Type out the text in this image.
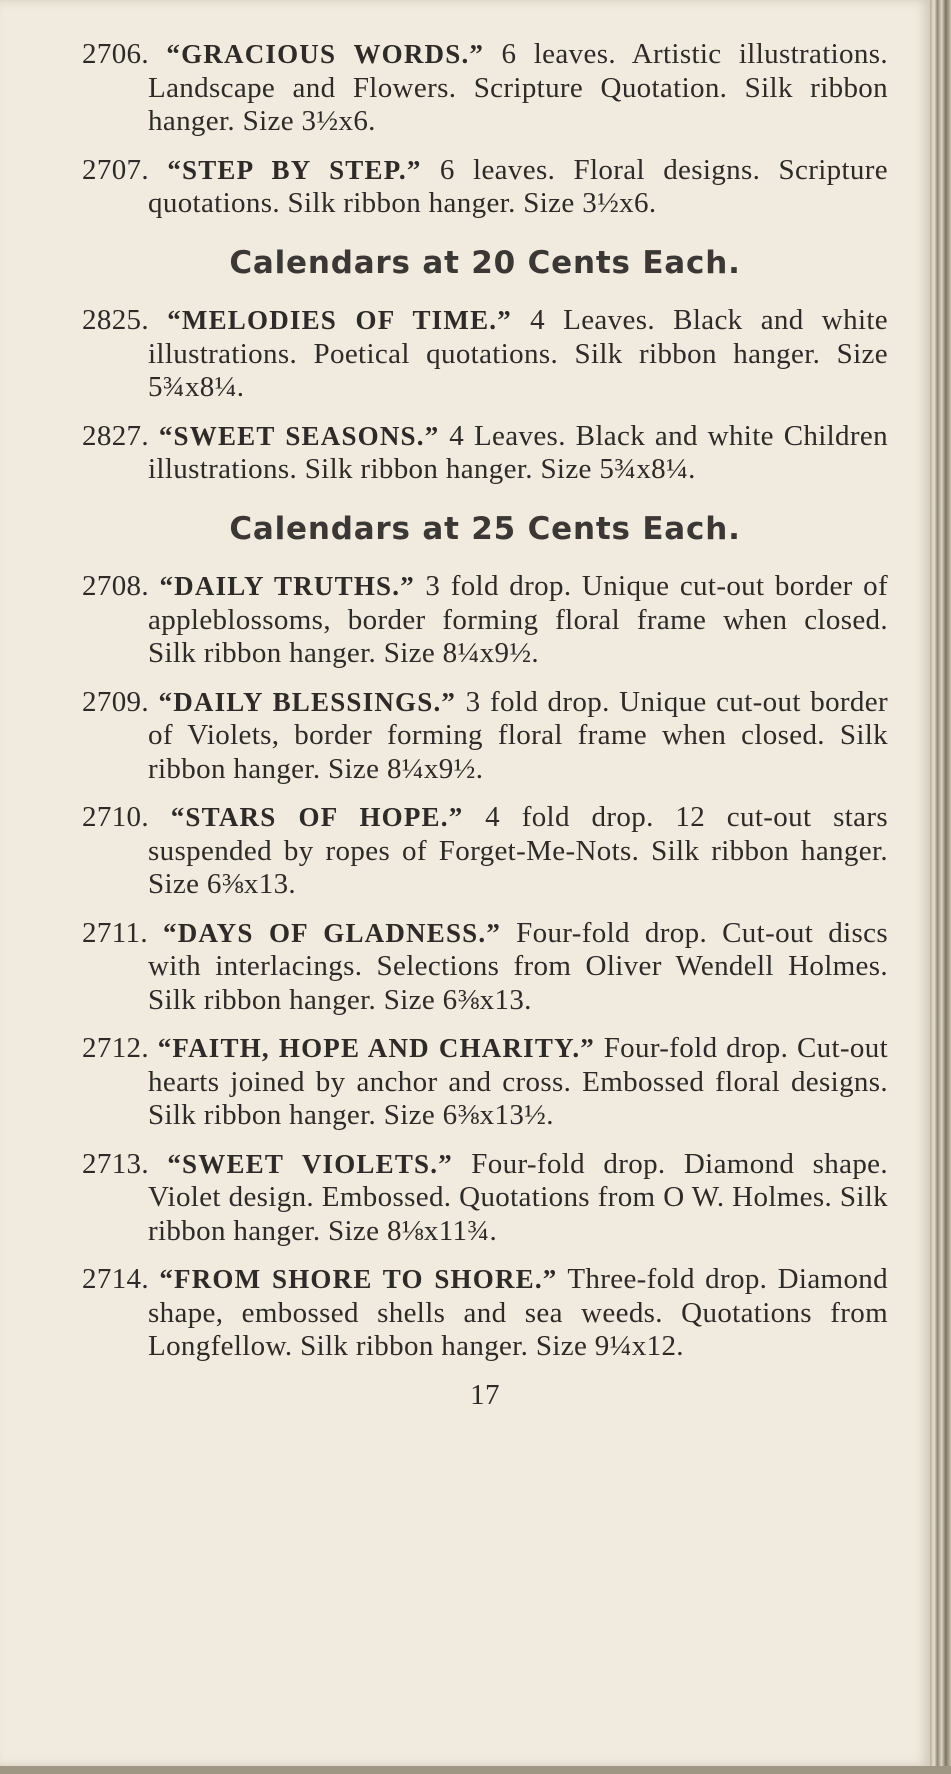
2706. “GRACIOUS WORDS.” 6 leaves. Artistic illustrations. Landscape and Flowers. Scripture Quotation. Silk ribbon hanger. Size 3½x6.

2707. “STEP BY STEP.” 6 leaves. Floral designs. Scripture quotations. Silk ribbon hanger. Size 3½x6.

Calendars at 20 Cents Each.

2825. “MELODIES OF TIME.” 4 Leaves. Black and white illustrations. Poetical quotations. Silk ribbon hanger. Size 5¾x8¼.

2827. “SWEET SEASONS.” 4 Leaves. Black and white Children illustrations. Silk ribbon hanger. Size 5¾x8¼.

Calendars at 25 Cents Each.

2708. “DAILY TRUTHS.” 3 fold drop. Unique cut-out border of appleblossoms, border forming floral frame when closed. Silk ribbon hanger. Size 8¼x9½.

2709. “DAILY BLESSINGS.” 3 fold drop. Unique cut-out border of Violets, border forming floral frame when closed. Silk ribbon hanger. Size 8¼x9½.

2710. “STARS OF HOPE.” 4 fold drop. 12 cut-out stars suspended by ropes of Forget-Me-Nots. Silk ribbon hanger. Size 6⅜x13.

2711. “DAYS OF GLADNESS.” Four-fold drop. Cut-out discs with interlacings. Selections from Oliver Wendell Holmes. Silk ribbon hanger. Size 6⅜x13.

2712. “FAITH, HOPE AND CHARITY.” Four-fold drop. Cut-out hearts joined by anchor and cross. Embossed floral designs. Silk ribbon hanger. Size 6⅜x13½.

2713. “SWEET VIOLETS.” Four-fold drop. Diamond shape. Violet design. Embossed. Quotations from O W. Holmes. Silk ribbon hanger. Size 8⅛x11¾.

2714. “FROM SHORE TO SHORE.” Three-fold drop. Diamond shape, embossed shells and sea weeds. Quotations from Longfellow. Silk ribbon hanger. Size 9¼x12.

17
